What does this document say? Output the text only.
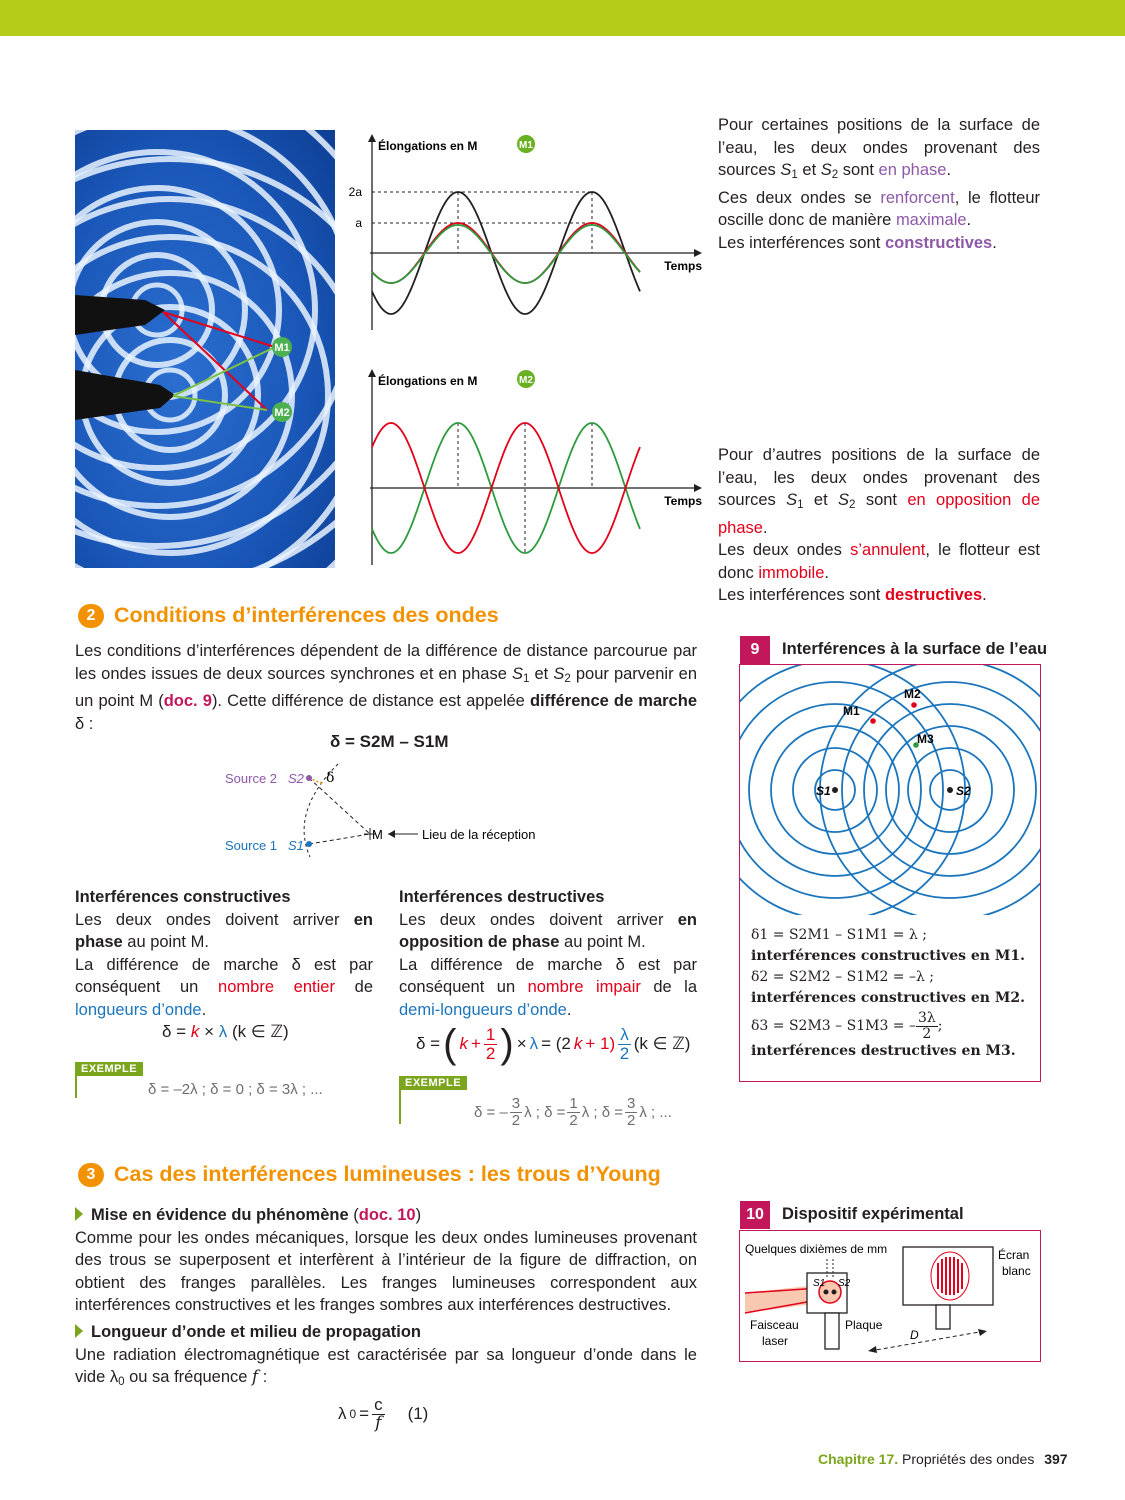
M1
M2
Élongations en M	M1
2a
a
Temps
Élongations en M	M2
Temps
Pour certaines positions de la surface de l’eau, les deux ondes provenant des sources $S_1$ et $S_2$ sont en phase.
Ces deux ondes se renforcent, le flotteur oscille donc de manière maximale.
Les interférences sont constructives.
Pour d’autres positions de la surface de l’eau, les deux ondes provenant des sources $S_1$ et $S_2$ sont en opposition de phase.
Les deux ondes s’annulent, le flotteur est donc immobile.
Les interférences sont destructives.
2 Conditions d’interférences des ondes
Les conditions d’interférences dépendent de la différence de distance parcourue par les ondes issues de deux sources synchrones et en phase $S_1$ et $S_2$ pour parvenir en un point M (doc. 9). Cette différence de distance est appelée différence de marche δ :
δ = S2M – S1M
Source 2 S2 δ
Source 1 S1
M	Lieu de la réception
Interférences constructives
Les deux ondes doivent arriver en phase au point M.
La différence de marche δ est par conséquent un nombre entier de longueurs d’onde.
δ = k × λ (k ∈ ℤ)
EXEMPLE
δ = –2λ ; δ = 0 ; δ = 3λ ; ...
Interférences destructives
Les deux ondes doivent arriver en opposition de phase au point M.
La différence de marche δ est par conséquent un nombre impair de la demi-longueurs d’onde.
δ = ( $k + \frac{1}{2}$ ) × λ = (2 $k + 1) \frac{\lambda}{2} (k$ ∈ ℤ)
EXEMPLE
δ = – $\frac{3}{2}$ λ ; $\delta = \frac{1}{2}$ λ ; $\delta = \frac{3}{2}$ λ ; ...
9	Interférences à la surface de l’eau
S1	S2
M1
M2
M3
δ1 = S2M1 – S1M1 = λ ;
interférences constructives en M1.
δ2 = S2M2 – S1M2 = –λ ;
interférences constructives en M2.
δ3 = S2M3 – S1M3 = – $\frac{3\lambda}{2}$ ;
interférences destructives en M3.
3 Cas des interférences lumineuses : les trous d’Young
Mise en évidence du phénomène (doc. 10)
Comme pour les ondes mécaniques, lorsque les deux ondes lumineuses provenant des trous se superposent et interfèrent à l’intérieur de la figure de diffraction, on obtient des franges parallèles. Les franges lumineuses correspondent aux interférences constructives et les franges sombres aux interférences destructives.
Longueur d’onde et milieu de propagation
Une radiation électromagnétique est caractérisée par sa longueur d’onde dans le vide $\lambda_0$ ou sa fréquence f :
λ $0 = \frac{c}{f} (1)$
10	Dispositif expérimental
Quelques dixièmes de mm	Écran blanc
Faisceau laser
Plaque
D
S1 S2
Chapitre 17. Propriétés des ondes 397
